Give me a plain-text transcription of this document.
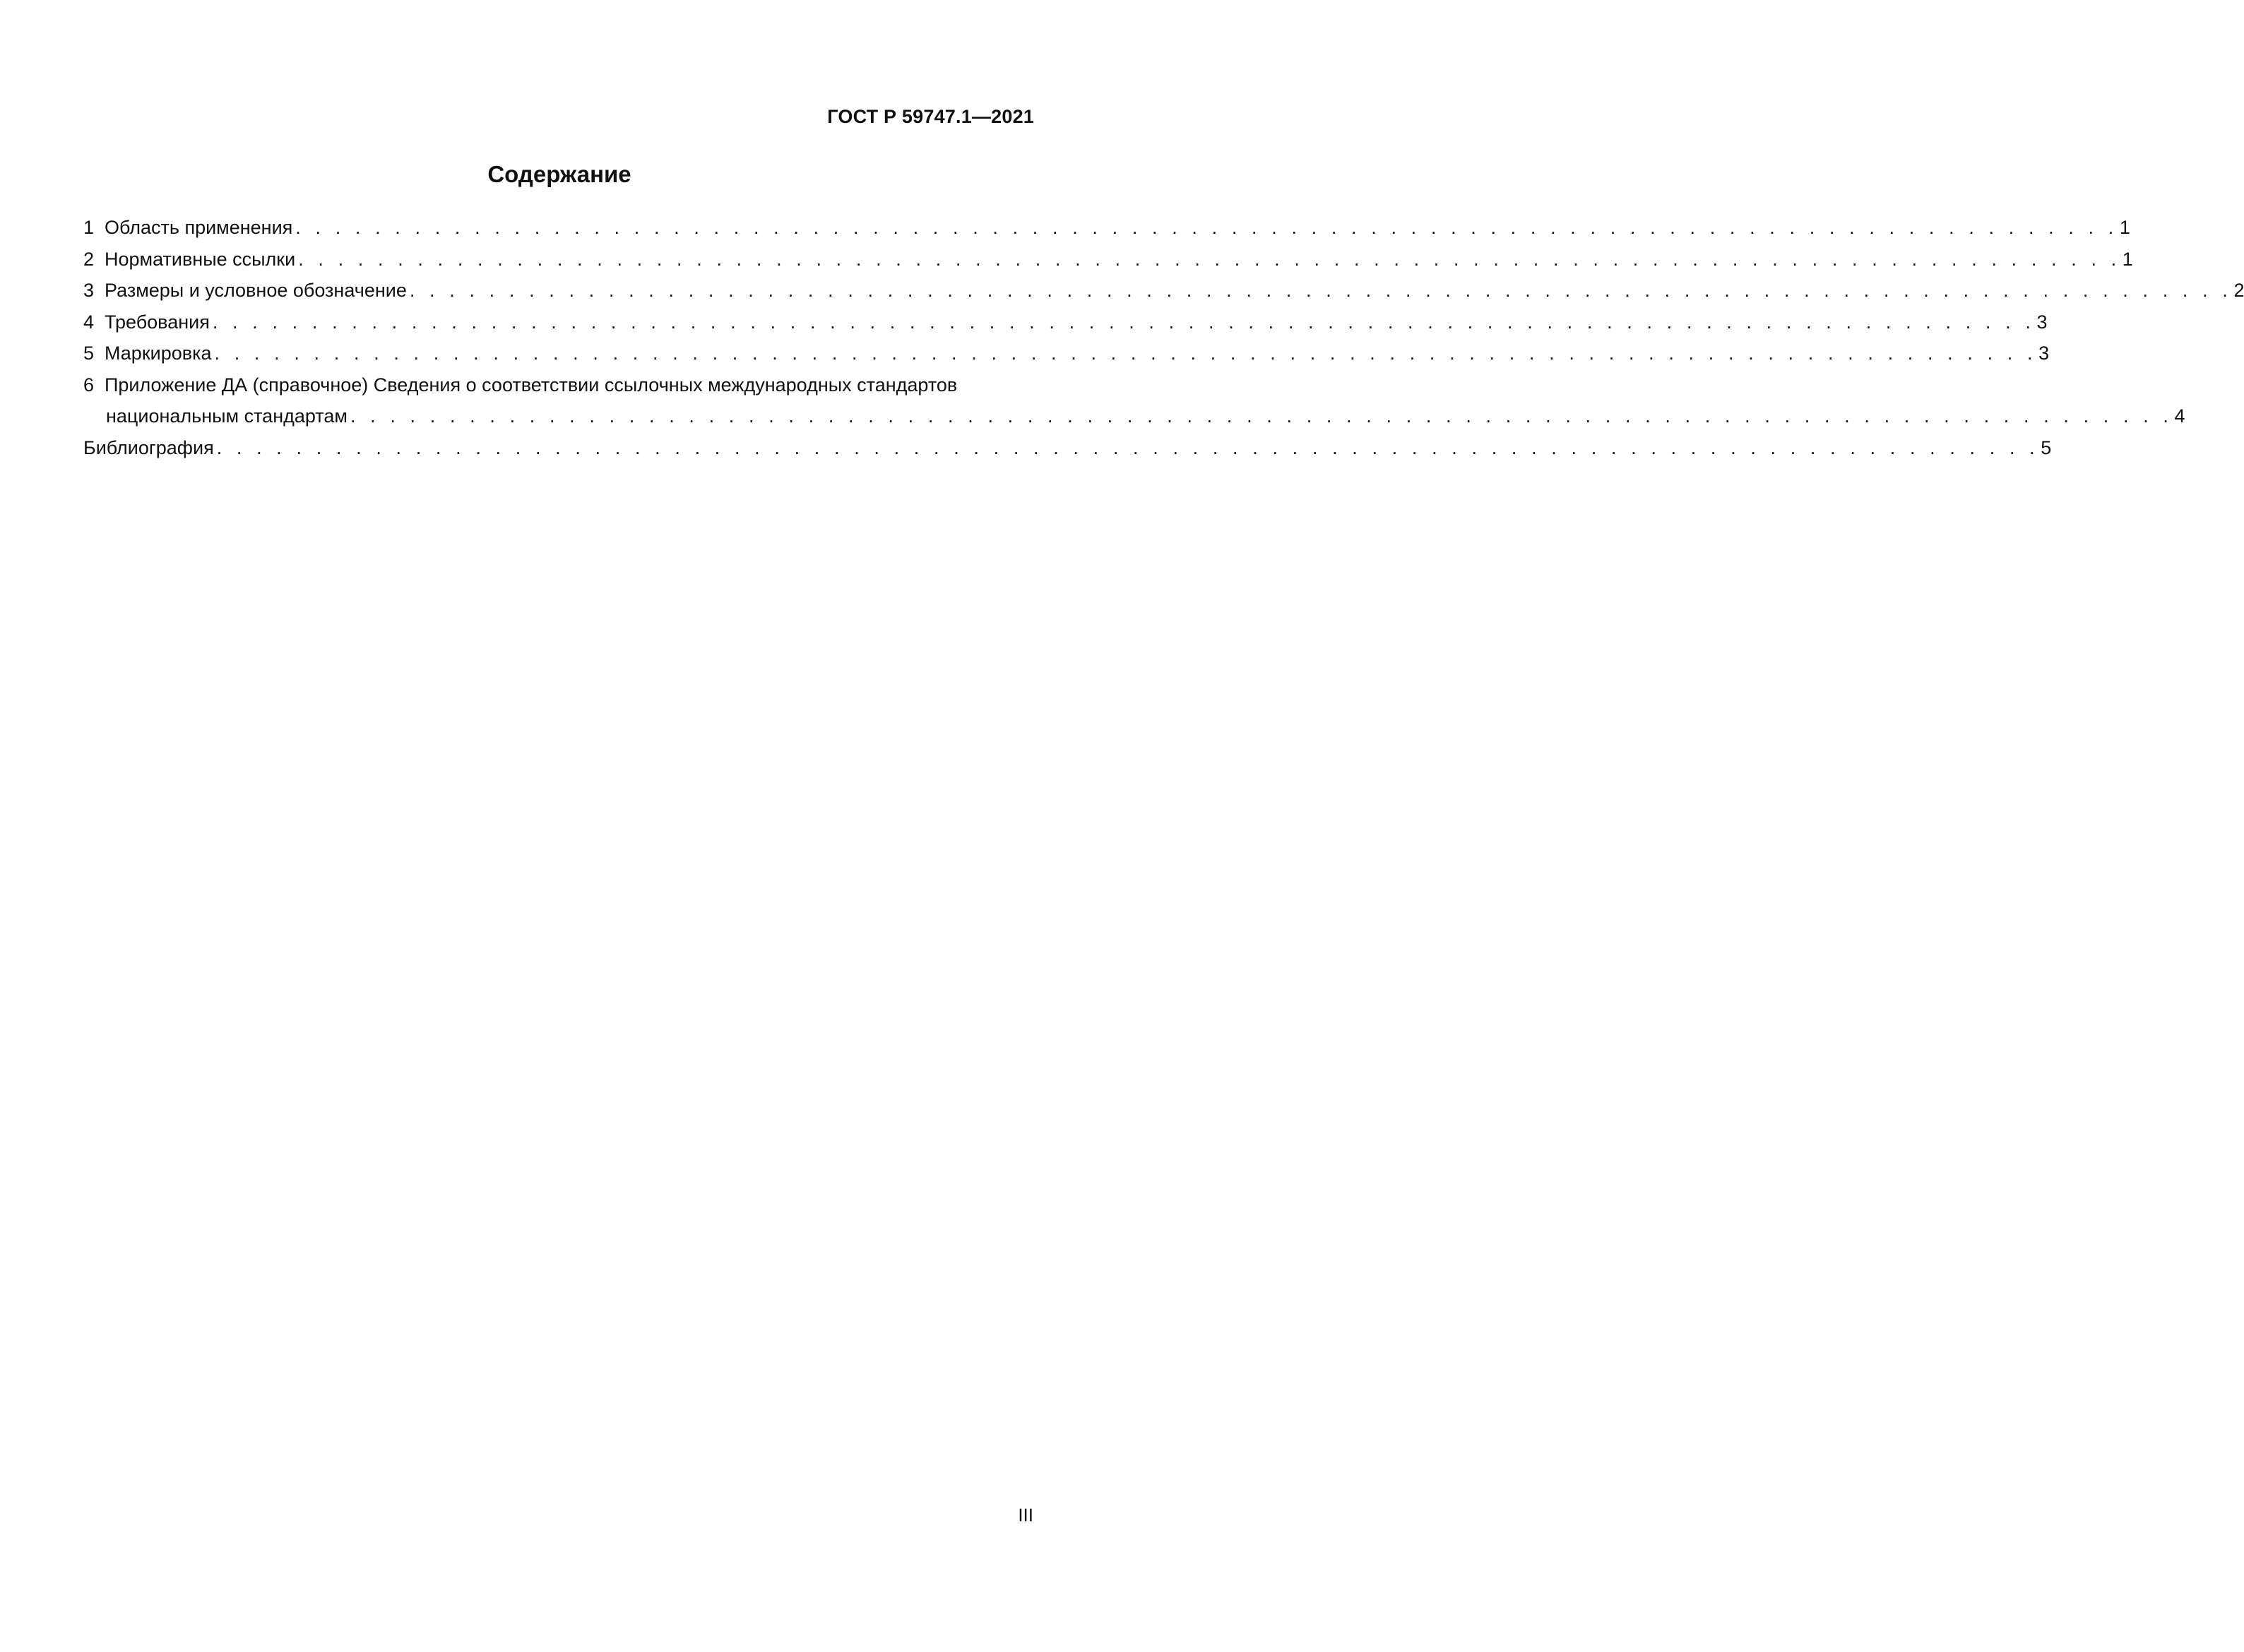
ГОСТ Р 59747.1—2021
Содержание
1 Область применения . . . . . . . . . . . . . . . . . . . . . . . . . . . . . . . . . . . . . . . . . . . . . . . . . . . . . . . . . . . . . . . . . . . . . . . . . . . . . . . . . . . . . . . . . . . . 1
2 Нормативные ссылки . . . . . . . . . . . . . . . . . . . . . . . . . . . . . . . . . . . . . . . . . . . . . . . . . . . . . . . . . . . . . . . . . . . . . . . . . . . . . . . . . . . . . . . . . . . . 1
3 Размеры и условное обозначение . . . . . . . . . . . . . . . . . . . . . . . . . . . . . . . . . . . . . . . . . . . . . . . . . . . . . . . . . . . . . . . . . . . . . . . . . . . . . . . . . . . . . . . . . . . . 2
4 Требования . . . . . . . . . . . . . . . . . . . . . . . . . . . . . . . . . . . . . . . . . . . . . . . . . . . . . . . . . . . . . . . . . . . . . . . . . . . . . . . . . . . . . . . . . . . . 3
5 Маркировка . . . . . . . . . . . . . . . . . . . . . . . . . . . . . . . . . . . . . . . . . . . . . . . . . . . . . . . . . . . . . . . . . . . . . . . . . . . . . . . . . . . . . . . . . . . . 3
6 Приложение ДА (справочное) Сведения о соответствии ссылочных международных стандартов
национальным стандартам . . . . . . . . . . . . . . . . . . . . . . . . . . . . . . . . . . . . . . . . . . . . . . . . . . . . . . . . . . . . . . . . . . . . . . . . . . . . . . . . . . . . . . . . . . . . 4
Библиография . . . . . . . . . . . . . . . . . . . . . . . . . . . . . . . . . . . . . . . . . . . . . . . . . . . . . . . . . . . . . . . . . . . . . . . . . . . . . . . . . . . . . . . . . . . . 5
III
